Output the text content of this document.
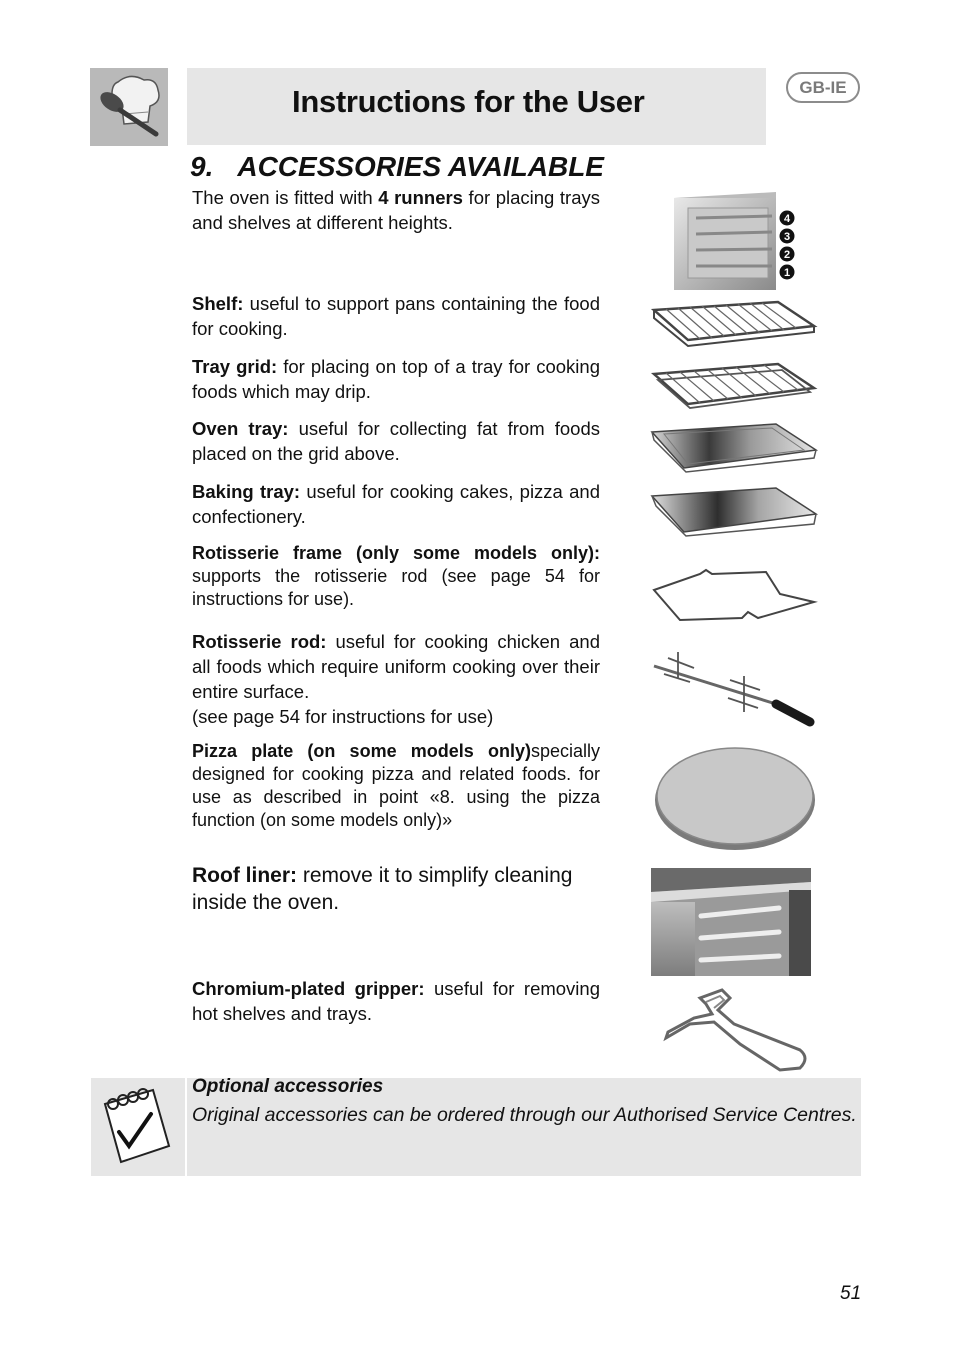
Instructions for the User	GB-IE
9. ACCESSORIES AVAILABLE
The oven is fitted with 4 runners for placing trays and shelves at different heights.	4
3
2
1
Shelf: useful to support pans containing the food for cooking.
Tray grid: for placing on top of a tray for cooking foods which may drip.
Oven tray: useful for collecting fat from foods placed on the grid above.
Baking tray: useful for cooking cakes, pizza and confectionery.
Rotisserie frame (only some models only): supports the rotisserie rod (see page 54 for instructions for use).
Rotisserie rod: useful for cooking chicken and all foods which require uniform cooking over their entire surface.
(see page 54 for instructions for use)
Pizza plate (on some models only)specially designed for cooking pizza and related foods. for use as described in point «8. using the pizza function (on some models only)»
Roof liner: remove it to simplify cleaning inside the oven.
Chromium-plated gripper: useful for removing hot shelves and trays.
Optional accessories
Original accessories can be ordered through our Authorised Service Centres.
51
